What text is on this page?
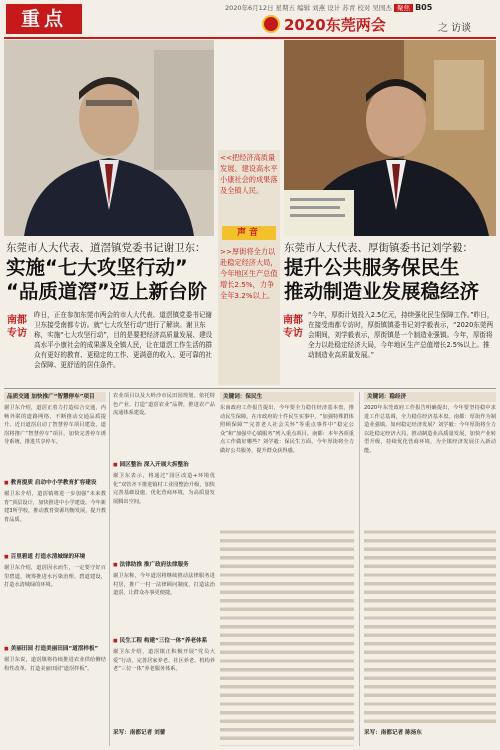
重点	2020年6月12日 星期五 编辑 刘燕 设计 苏青 校对 吴国杰 聚焦 B05
2020东莞两会	之 访谈
<<把经济高质量发展、建设高水平小康社会的成果落及全镇人民。
声音
>>厚街将全力以赴稳定经济大局，今年地区生产总值增长2.5%，力争全年3.2%以上。
东莞市人大代表、道滘镇党委书记谢卫东：
实施“七大攻坚行动”
“品质道滘”迈上新台阶
南都 专访
昨日，正在参加东莞市两会的市人大代表、道滘镇党委书记谢卫东接受南都专访。就“七大攻坚行动”进行了解读。谢卫东称，实施“七大攻坚行动”，目的是要把经济高质量发展、建设高水平小康社会的成果落及全镇人民，让在道滘工作生活的群众有更好的教育、更稳定的工作、更满意的收入、更可靠的社会保障、更舒适的居住条件。
东莞市人大代表、厚街镇委书记刘学毅：
提升公共服务保民生
推动制造业发展稳经济
南都 专访
“今年，厚街计划投入2.5亿元，持续强化民生保障工作。”昨日，在接受南都专访时，厚街镇镇委书记刘学毅表示，“2020东莞两会期间，刘学毅表示，厚街镇是一个制造业强镇。今年，厚街将全力以赴稳定经济大局，今年地区生产总值增长2.5%以上。推动制造业高质量发展。”
品质交通 加快推广“智慧停车”项目
谢卫东介绍，道滘正着力打造综合交通，内畅外联的道路网络，不断推动交通品质提升。近日道滘启动了智慧停车项目建设，道滘将推广“智慧停车”项目，加快完善停车诱导系统，推进共享停车。
◼ 教育提质 启动中小学教育扩容建设
谢卫东介绍，道滘镇将进一步加强“未来教育”顶层设计，加快推进中小学建设。今年新建3所学校，推动教育资源均衡发展，提升教育品质。
◼ 百里碧道 打造水清城绿的环境
谢卫东介绍，道滘因水而生，一定要守好百里碧道，统筹推进水污染治理、碧道建设，打造水清城绿的环境。
◼ 美丽田园 打造美丽田园“道滘样板”
谢卫东说，道滘镇将持续推进农业供给侧结构性改革，打造美丽田园“道滘样板”。
农业项目以及大岭沙市民田园规划。依托特色产业，打造“道滘农业”品牌，推进农产品流通体系建设。
◼ 园区整治 深入开展大拆整治
谢卫东表示，将通过“园区改造+环境优化”双管齐下推进镇村工业园整治升级，加快完善基础设施，优化营商环境，为高质量发展腾出空间。
◼ 法律助推 推广政府法律服务
谢卫东称，今年道滘将继续推动法律服务进村居，推广一村一法律顾问制度，打造法治道滘，让群众办事更便捷。
◼ 民生工程 构建“三位一体”养老体系
谢卫东介绍，道滘镇正积极开展“党员大爱”行动，完善居家养老、社区养老、机构养老“三位一体”养老服务体系。
采写：南都记者 刘蕾
关键词：保民生
东南政府工作报告提出，今年要全力稳住经济基本盘，推动民生保障。在市政府的十件民生实事中，“加强特殊群体照顾保障”“完善老人社会关怀”等重点事件中“稳定公众”和“加强中心镇服务”列入重点项目。南都：本年各项重点工作做好哪些？刘学毅：保民生方面，今年厚街将全力做好公共服务，提升群众获得感。
关键词：稳经济
2020年东莞政府工作报告明确提出，今年要坚持稳中求进工作总基调，全力稳住经济基本盘。南都：厚街作为制造业强镇，如何稳定经济发展？刘学毅：今年厚街将全力以赴稳定经济大局，推动制造业高质量发展，加快产业转型升级，持续优化营商环境，为全镇经济发展注入新动能。
采写：南都记者 陈扬东
